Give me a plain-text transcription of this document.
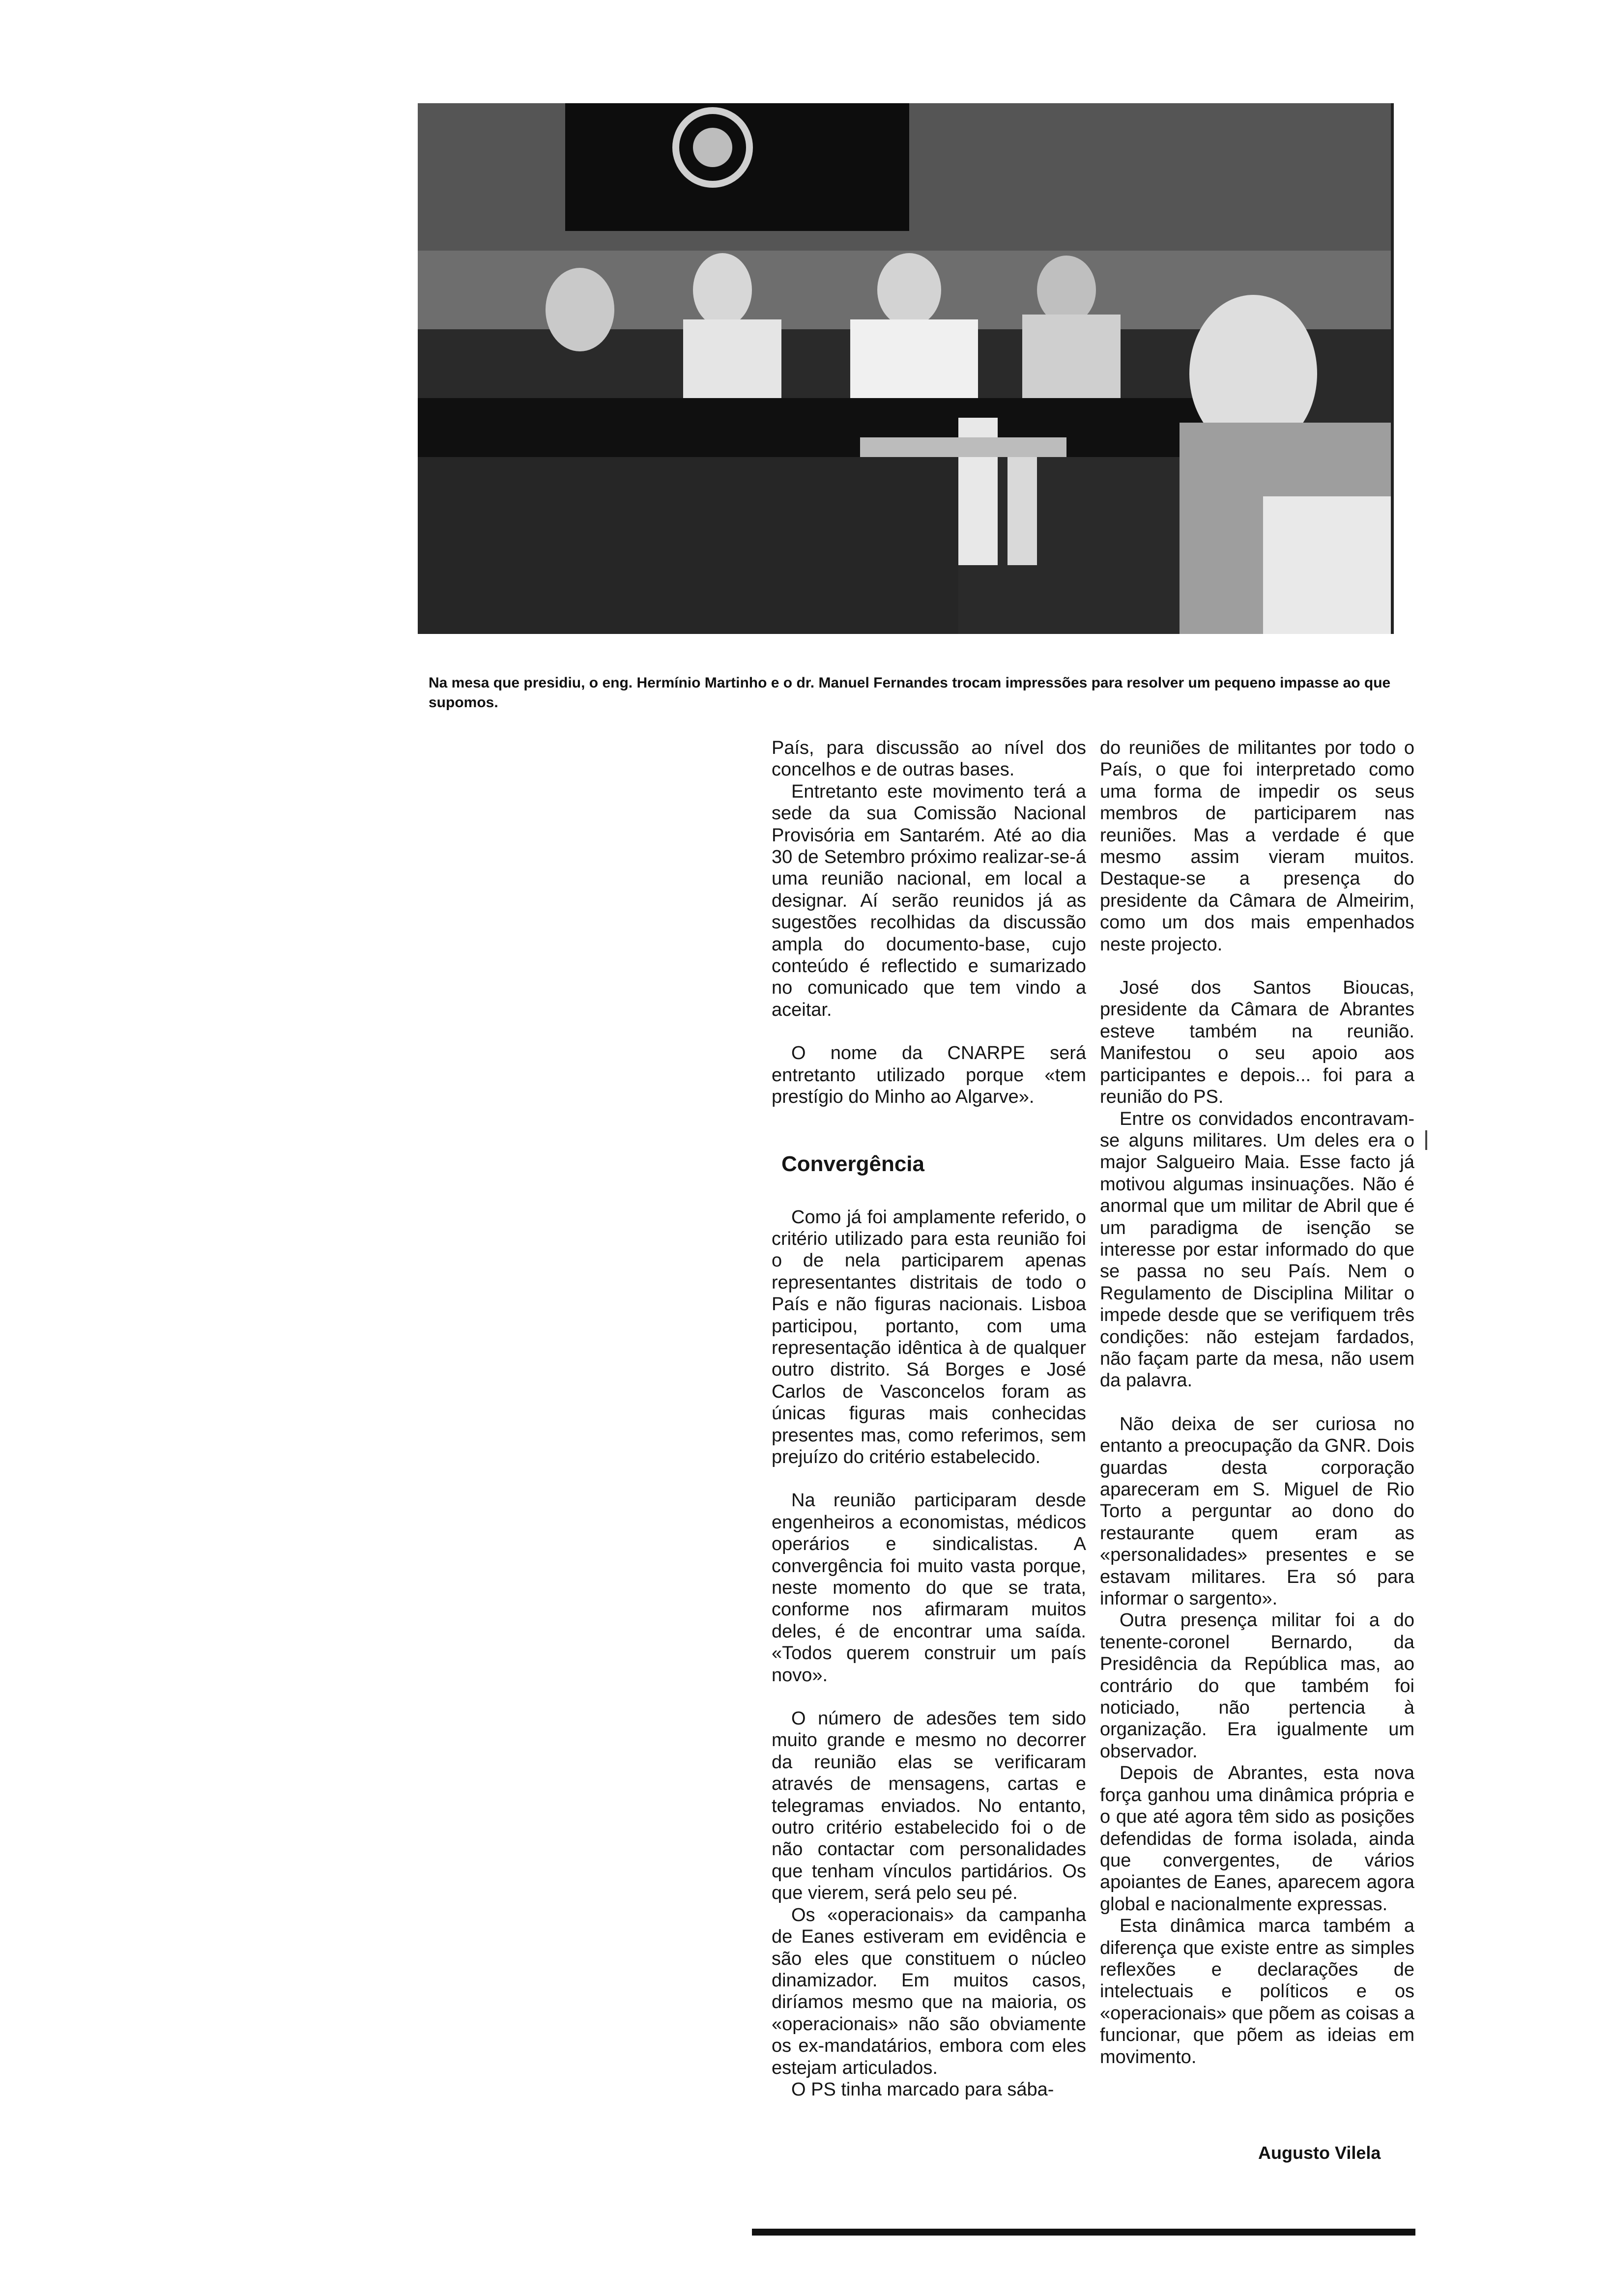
Na mesa que presidiu, o eng. Hermínio Martinho e o dr. Manuel Fernandes trocam impressões para resolver um pequeno impasse ao que supomos.

País, para discussão ao nível dos concelhos e de outras bases.

Entretanto este movimento terá a sede da sua Comissão Nacional Provisória em Santarém. Até ao dia 30 de Setembro próximo realizar-se-á uma reunião nacional, em local a designar. Aí serão reunidos já as sugestões recolhidas da discussão ampla do documento-base, cujo conteúdo é reflectido e sumarizado no comunicado que tem vindo a aceitar.

O nome da CNARPE será entretanto utilizado porque «tem prestígio do Minho ao Algarve».

Convergência

Como já foi amplamente referido, o critério utilizado para esta reunião foi o de nela participarem apenas representantes distritais de todo o País e não figuras nacionais. Lisboa participou, portanto, com uma representação idêntica à de qualquer outro distrito. Sá Borges e José Carlos de Vasconcelos foram as únicas figuras mais conhecidas presentes mas, como referimos, sem prejuízo do critério estabelecido.

Na reunião participaram desde engenheiros a economistas, médicos operários e sindicalistas. A convergência foi muito vasta porque, neste momento do que se trata, conforme nos afirmaram muitos deles, é de encontrar uma saída. «Todos querem construir um país novo».

O número de adesões tem sido muito grande e mesmo no decorrer da reunião elas se verificaram através de mensagens, cartas e telegramas enviados. No entanto, outro critério estabelecido foi o de não contactar com personalidades que tenham vínculos partidários. Os que vierem, será pelo seu pé.

Os «operacionais» da campanha de Eanes estiveram em evidência e são eles que constituem o núcleo dinamizador. Em muitos casos, diríamos mesmo que na maioria, os «operacionais» não são obviamente os ex-mandatários, embora com eles estejam articulados.

O PS tinha marcado para sába-

do reuniões de militantes por todo o País, o que foi interpretado como uma forma de impedir os seus membros de participarem nas reuniões. Mas a verdade é que mesmo assim vieram muitos. Destaque-se a presença do presidente da Câmara de Almeirim, como um dos mais empenhados neste projecto.

José dos Santos Bioucas, presidente da Câmara de Abrantes esteve também na reunião. Manifestou o seu apoio aos participantes e depois... foi para a reunião do PS.

Entre os convidados encontravam-se alguns militares. Um deles era o major Salgueiro Maia. Esse facto já motivou algumas insinuações. Não é anormal que um militar de Abril que é um paradigma de isenção se interesse por estar informado do que se passa no seu País. Nem o Regulamento de Disciplina Militar o impede desde que se verifiquem três condições: não estejam fardados, não façam parte da mesa, não usem da palavra.

Não deixa de ser curiosa no entanto a preocupação da GNR. Dois guardas desta corporação apareceram em S. Miguel de Rio Torto a perguntar ao dono do restaurante quem eram as «personalidades» presentes e se estavam militares. Era só para informar o sargento».

Outra presença militar foi a do tenente-coronel Bernardo, da Presidência da República mas, ao contrário do que também foi noticiado, não pertencia à organização. Era igualmente um observador.

Depois de Abrantes, esta nova força ganhou uma dinâmica própria e o que até agora têm sido as posições defendidas de forma isolada, ainda que convergentes, de vários apoiantes de Eanes, aparecem agora global e nacionalmente expressas.

Esta dinâmica marca também a diferença que existe entre as simples reflexões e declarações de intelectuais e políticos e os «operacionais» que põem as coisas a funcionar, que põem as ideias em movimento.

Augusto Vilela
